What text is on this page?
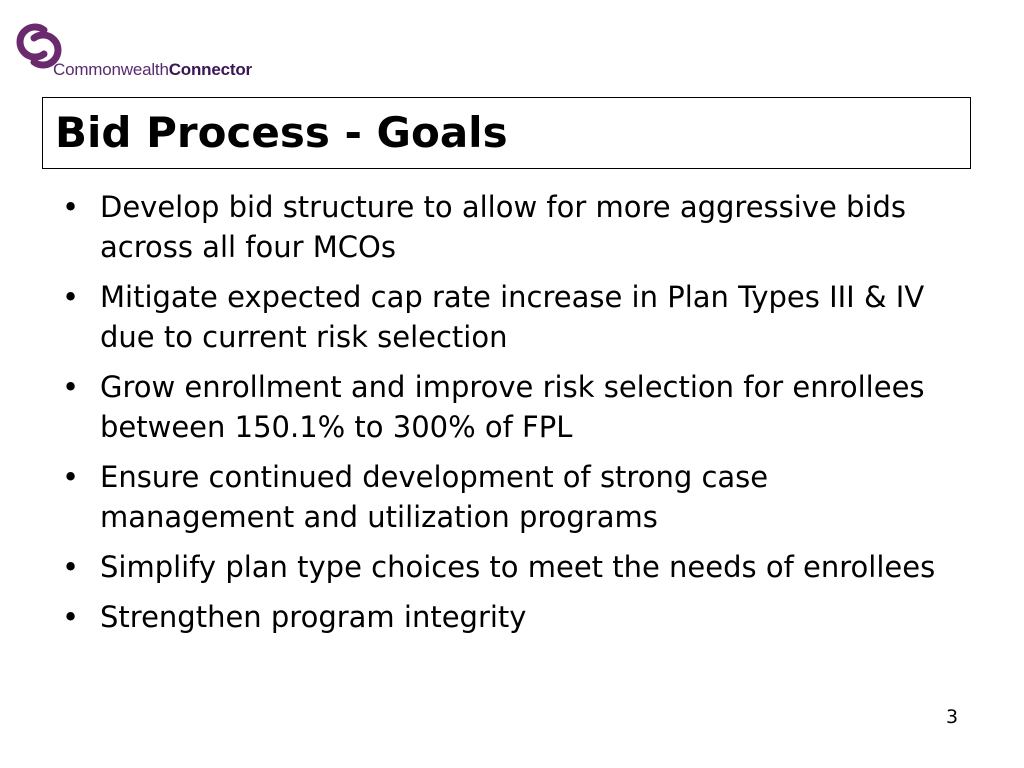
CommonwealthConnector
Bid Process - Goals
• Develop bid structure to allow for more aggressive bids across all four MCOs
• Mitigate expected cap rate increase in Plan Types III & IV due to current risk selection
• Grow enrollment and improve risk selection for enrollees between 150.1% to 300% of FPL
• Ensure continued development of strong case management and utilization programs
• Simplify plan type choices to meet the needs of enrollees
• Strengthen program integrity
3
